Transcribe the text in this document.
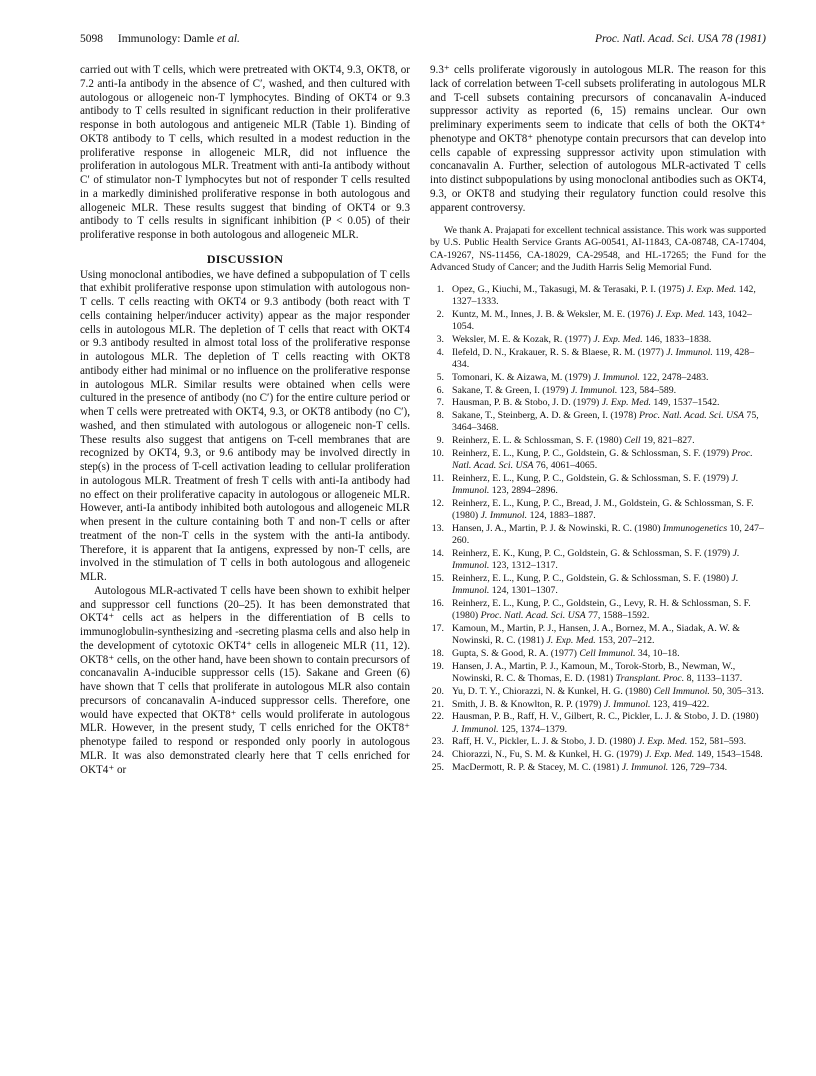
5098 Immunology: Damle et al.	Proc. Natl. Acad. Sci. USA 78 (1981)

carried out with T cells, which were pretreated with OKT4, 9.3, OKT8, or 7.2 anti-Ia antibody in the absence of C′, washed, and then cultured with autologous or allogeneic non-T lymphocytes. Binding of OKT4 or 9.3 antibody to T cells resulted in significant reduction in their proliferative response in both autologous and antigeneic MLR (Table 1). Binding of OKT8 antibody to T cells, which resulted in a modest reduction in the proliferative response in allogeneic MLR, did not influence the proliferation in autologous MLR. Treatment with anti-Ia antibody without C′ of stimulator non-T lymphocytes but not of responder T cells resulted in a markedly diminished proliferative response in both autologous and allogeneic MLR. These results suggest that binding of OKT4 or 9.3 antibody to T cells results in significant inhibition (P < 0.05) of their proliferative response in both autologous and allogeneic MLR.

DISCUSSION

Using monoclonal antibodies, we have defined a subpopulation of T cells that exhibit proliferative response upon stimulation with autologous non-T cells. T cells reacting with OKT4 or 9.3 antibody (both react with T cells containing helper/inducer activity) appear as the major responder cells in autologous MLR. The depletion of T cells that react with OKT4 or 9.3 antibody resulted in almost total loss of the proliferative response in autologous MLR. The depletion of T cells reacting with OKT8 antibody either had minimal or no influence on the proliferative response in autologous MLR. Similar results were obtained when cells were cultured in the presence of antibody (no C′) for the entire culture period or when T cells were pretreated with OKT4, 9.3, or OKT8 antibody (no C′), washed, and then stimulated with autologous or allogeneic non-T cells. These results also suggest that antigens on T-cell membranes that are recognized by OKT4, 9.3, or 9.6 antibody may be involved directly in step(s) in the process of T-cell activation leading to cellular proliferation in autologous MLR. Treatment of fresh T cells with anti-Ia antibody had no effect on their proliferative capacity in autologous or allogeneic MLR. However, anti-Ia antibody inhibited both autologous and allogeneic MLR when present in the culture containing both T and non-T cells or after treatment of the non-T cells in the system with the anti-Ia antibody. Therefore, it is apparent that Ia antigens, expressed by non-T cells, are involved in the stimulation of T cells in both autologous and allogeneic MLR.

Autologous MLR-activated T cells have been shown to exhibit helper and suppressor cell functions (20–25). It has been demonstrated that OKT4⁺ cells act as helpers in the differentiation of B cells to immunoglobulin-synthesizing and -secreting plasma cells and also help in the development of cytotoxic OKT4⁺ cells in allogeneic MLR (11, 12). OKT8⁺ cells, on the other hand, have been shown to contain precursors of concanavalin A-inducible suppressor cells (15). Sakane and Green (6) have shown that T cells that proliferate in autologous MLR also contain precursors of concanavalin A-induced suppressor cells. Therefore, one would have expected that OKT8⁺ cells would proliferate in autologous MLR. However, in the present study, T cells enriched for the OKT8⁺ phenotype failed to respond or responded only poorly in autologous MLR. It was also demonstrated clearly here that T cells enriched for OKT4⁺ or

9.3⁺ cells proliferate vigorously in autologous MLR. The reason for this lack of correlation between T-cell subsets proliferating in autologous MLR and T-cell subsets containing precursors of concanavalin A-induced suppressor activity as reported (6, 15) remains unclear. Our own preliminary experiments seem to indicate that cells of both the OKT4⁺ phenotype and OKT8⁺ phenotype contain precursors that can develop into cells capable of expressing suppressor activity upon stimulation with concanavalin A. Further, selection of autologous MLR-activated T cells into distinct subpopulations by using monoclonal antibodies such as OKT4, 9.3, or OKT8 and studying their regulatory function could resolve this apparent controversy.

We thank A. Prajapati for excellent technical assistance. This work was supported by U.S. Public Health Service Grants AG-00541, AI-11843, CA-08748, CA-17404, CA-19267, NS-11456, CA-18029, CA-29548, and HL-17265; the Fund for the Advanced Study of Cancer; and the Judith Harris Selig Memorial Fund.

1. Opez, G., Kiuchi, M., Takasugi, M. & Terasaki, P. I. (1975) J. Exp. Med. 142, 1327–1333.
2. Kuntz, M. M., Innes, J. B. & Weksler, M. E. (1976) J. Exp. Med. 143, 1042–1054.
3. Weksler, M. E. & Kozak, R. (1977) J. Exp. Med. 146, 1833–1838.
4. Ilefeld, D. N., Krakauer, R. S. & Blaese, R. M. (1977) J. Immunol. 119, 428–434.
5. Tomonari, K. & Aizawa, M. (1979) J. Immunol. 122, 2478–2483.
6. Sakane, T. & Green, I. (1979) J. Immunol. 123, 584–589.
7. Hausman, P. B. & Stobo, J. D. (1979) J. Exp. Med. 149, 1537–1542.
8. Sakane, T., Steinberg, A. D. & Green, I. (1978) Proc. Natl. Acad. Sci. USA 75, 3464–3468.
9. Reinherz, E. L. & Schlossman, S. F. (1980) Cell 19, 821–827.
10. Reinherz, E. L., Kung, P. C., Goldstein, G. & Schlossman, S. F. (1979) Proc. Natl. Acad. Sci. USA 76, 4061–4065.
11. Reinherz, E. L., Kung, P. C., Goldstein, G. & Schlossman, S. F. (1979) J. Immunol. 123, 2894–2896.
12. Reinherz, E. L., Kung, P. C., Bread, J. M., Goldstein, G. & Schlossman, S. F. (1980) J. Immunol. 124, 1883–1887.
13. Hansen, J. A., Martin, P. J. & Nowinski, R. C. (1980) Immunogenetics 10, 247–260.
14. Reinherz, E. K., Kung, P. C., Goldstein, G. & Schlossman, S. F. (1979) J. Immunol. 123, 1312–1317.
15. Reinherz, E. L., Kung, P. C., Goldstein, G. & Schlossman, S. F. (1980) J. Immunol. 124, 1301–1307.
16. Reinherz, E. L., Kung, P. C., Goldstein, G., Levy, R. H. & Schlossman, S. F. (1980) Proc. Natl. Acad. Sci. USA 77, 1588–1592.
17. Kamoun, M., Martin, P. J., Hansen, J. A., Bornez, M. A., Siadak, A. W. & Nowinski, R. C. (1981) J. Exp. Med. 153, 207–212.
18. Gupta, S. & Good, R. A. (1977) Cell Immunol. 34, 10–18.
19. Hansen, J. A., Martin, P. J., Kamoun, M., Torok-Storb, B., Newman, W., Nowinski, R. C. & Thomas, E. D. (1981) Transplant. Proc. 8, 1133–1137.
20. Yu, D. T. Y., Chiorazzi, N. & Kunkel, H. G. (1980) Cell Immunol. 50, 305–313.
21. Smith, J. B. & Knowlton, R. P. (1979) J. Immunol. 123, 419–422.
22. Hausman, P. B., Raff, H. V., Gilbert, R. C., Pickler, L. J. & Stobo, J. D. (1980) J. Immunol. 125, 1374–1379.
23. Raff, H. V., Pickler, L. J. & Stobo, J. D. (1980) J. Exp. Med. 152, 581–593.
24. Chiorazzi, N., Fu, S. M. & Kunkel, H. G. (1979) J. Exp. Med. 149, 1543–1548.
25. MacDermott, R. P. & Stacey, M. C. (1981) J. Immunol. 126, 729–734.
